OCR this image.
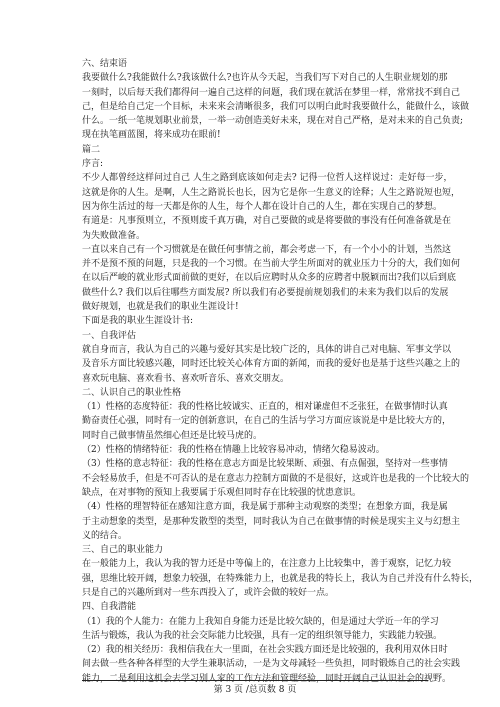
六、结束语
我要做什么?我能做什么?我该做什么?也许从今天起，当我们写下对自己的人生职业规划的那
一刻时，以后每天我们都得问一遍自己这样的问题，我们现在就活在梦里一样，常常找不到自己
己，但是给自己定一个目标，未来来会清晰很多，我们可以明白此时我要做什么，能做什么，该做
什么。一纸一笔规划职业前景，一举一动创造美好未来，现在对自己严格，是对未来的自己负责;
现在执笔画蓝图，将来成功在眼前!
篇二
序言:
不少人都曾经这样问过自己 人生之路到底该如何走去? 记得一位哲人这样说过：走好每一步，
这就是你的人生。是啊，人生之路说长也长，因为它是你一生意义的诠释；人生之路说短也短，
因为你生活过的每一天都是你的人生，每个人都在设计自己的人生，都在实现自己的梦想。
有道是：凡事预则立，不预则废千真万确，对自己要做的或是将要做的事没有任何准备就是在
为失败做准备。
一直以来自己有一个习惯就是在做任何事情之前，都会考虑一下，有一个小小的计划，当然这
并不是预不预的问题，只是我的一个习惯。在当前大学生所面对的就业压力十分的大，我们如何
在以后严峻的就业形式面前做的更好，在以后应聘时从众多的应聘者中脱颖而出?我们以后到底
做些什么? 我们以后往哪些方面发展? 所以我们有必要提前规划我们的未来为我们以后的发展
做好规划，也就是我们的职业生涯设计!
下面是我的职业生涯设计书:
一、自我评估
就自身而言，我认为自己的兴趣与爱好其实是比较广泛的，具体的讲自己对电脑、军事文学以
及音乐方面比较感兴趣，同时还比较关心体育方面的新闻，而我的爱好也是基于这些兴趣之上的
喜欢玩电脑、喜欢看书、喜欢听音乐、喜欢交朋友。
二、认识自己的职业性格
（1）性格的态度特征：我的性格比较诚实、正直的，相对谦虚但不乏张狂，在做事情时认真
勤奋责任心强，同时有一定的创新意识，在自己的生活与学习方面应该说是中是比较大方的，
同时自己做事情虽然细心但还是比较马虎的。
（2）性格的情绪特征：我的性格在情趣上比较容易冲动，情绪欠稳易波动。
（3）性格的意志特征：我的性格在意志方面是比较果断、顽强、有点倔强，坚持对一些事情
不会轻易放手，但是不可否认的是在意志力控制方面做的不是很好，这或许也是我的一个比较大的
缺点，在对事物的预知上我要属于乐观但同时存在比较强的忧患意识。
（4）性格的理智特征在感知注意方面，我是属于那种主动观察的类型；在想象方面，我是属
于主动想象的类型，是那种发散型的类型，同时我认为自己在做事情的时候是现实主义与幻想主
义的结合。
三、自己的职业能力
在一般能力上，我认为我的智力还是中等偏上的，在注意力上比较集中，善于观察，记忆力较
强，思维比较开阔，想象力较强，在特殊能力上，也就是我的特长上，我认为自己并没有什么特长，
只是自己的兴趣所到对一些东西投入了，或许会做的较好一点。
四、自我潜能
（1）我的个人能力：在能力上我知自身能力还是比较欠缺的，但是通过大学近一年的学习
生活与锻炼，我认为我的社会交际能力比较强，具有一定的组织领导能力，实践能力较强。
（2）我的相关经历：我相信我在大一里面，在社会实践方面还是比较强的，我利用双休日时
间去做一些各种各样型的大学生兼职活动，一是为文母减轻一些负担，同时锻炼自己的社会实践
能力，二是利用这机会去学习别人家的工作方法和管理经验，同时开阔自己认识社会的视野。
第 3 页 /总页数 8 页
